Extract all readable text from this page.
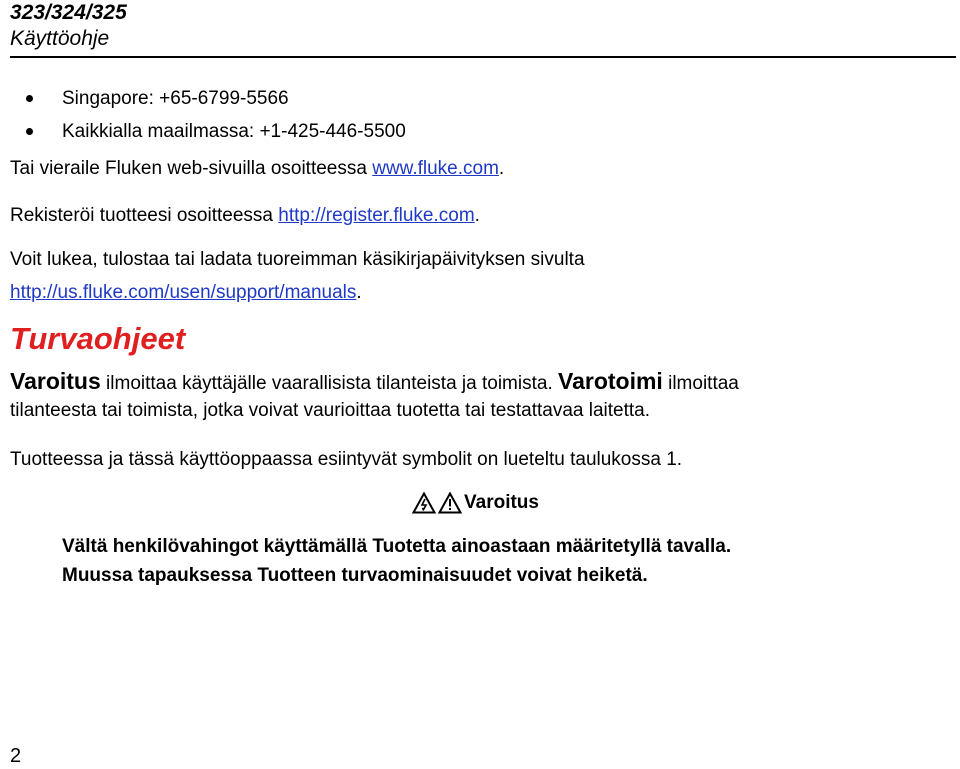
323/324/325
Käyttöohje
Singapore: +65-6799-5566
Kaikkialla maailmassa: +1-425-446-5500
Tai vieraile Fluken web-sivuilla osoitteessa www.fluke.com.
Rekisteröi tuotteesi osoitteessa http://register.fluke.com.
Voit lukea, tulostaa tai ladata tuoreimman käsikirjapäivityksen sivulta
http://us.fluke.com/usen/support/manuals.
Turvaohjeet
Varoitus ilmoittaa käyttäjälle vaarallisista tilanteista ja toimista. Varotoimi ilmoittaa
tilanteesta tai toimista, jotka voivat vaurioittaa tuotetta tai testattavaa laitetta.
Tuotteessa ja tässä käyttöoppaassa esiintyvät symbolit on lueteltu taulukossa 1.
Varoitus
Vältä henkilövahingot käyttämällä Tuotetta ainoastaan määritetyllä tavalla.
Muussa tapauksessa Tuotteen turvaominaisuudet voivat heiketä.
2
